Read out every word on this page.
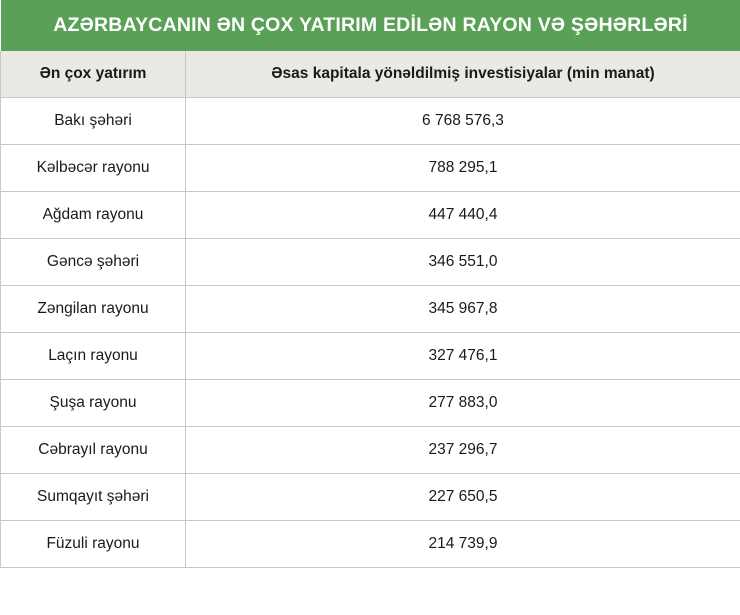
AZƏRBAYCANIN ƏN ÇOX YATIRIM EDİLƏN RAYON VƏ ŞƏHƏRLƏRİ	
Ən çox yatırım	Əsas kapitala yönəldilmiş investisiyalar (min manat)
Bakı şəhəri	6 768 576,3
Kəlbəcər rayonu	788 295,1
Ağdam rayonu	447 440,4
Gəncə şəhəri	346 551,0
Zəngilan rayonu	345 967,8
Laçın rayonu	327 476,1
Şuşa rayonu	277 883,0
Cəbrayıl rayonu	237 296,7
Sumqayıt şəhəri	227 650,5
Füzuli rayonu	214 739,9
